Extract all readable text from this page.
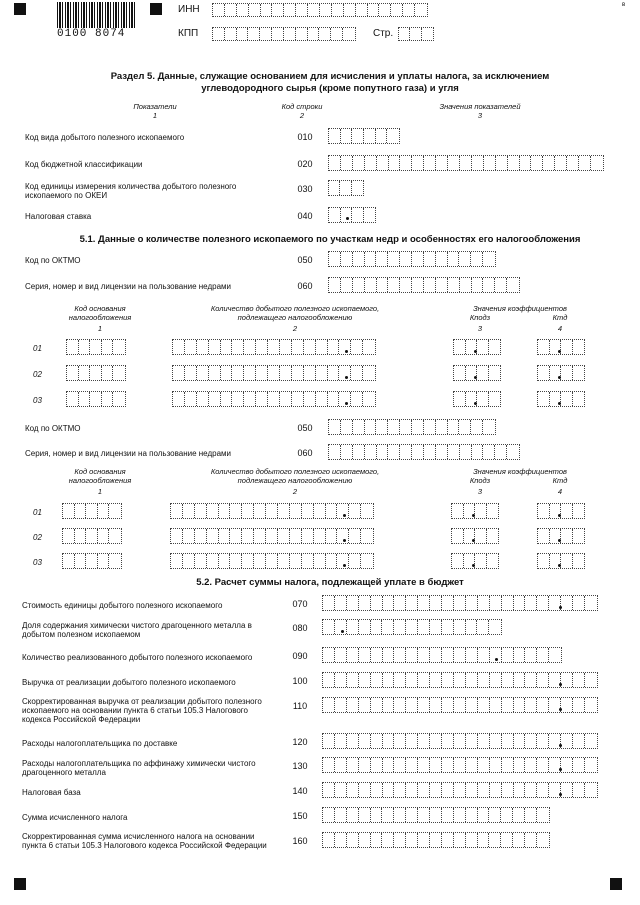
в
0100 8074
ИНН
КПП	Стр.
Раздел 5. Данные, служащие основанием для исчисления и уплаты налога, за исключением
углеводородного сырья (кроме попутного газа) и угля
Показатели
1
Код строки
2
Значения показателей
3
Код вида добытого полезного ископаемого	010
Код бюджетной классификации	020
Код единицы измерения количества добытого полезного ископаемого по ОКЕИ
030
Налоговая ставка	040
5.1. Данные о количестве полезного ископаемого по участкам недр и особенностях его налогообложения
Код по ОКТМО	050
Серия, номер и вид лицензии на пользование недрами	060
Код основания налогообложения
1
Количество добытого полезного ископаемого, подлежащего налогообложению
2
Значения коэффициентов
Кподз	Ктд
3	4
01
02
03
Код по ОКТМО	050
Серия, номер и вид лицензии на пользование недрами	060
Код основания налогообложения
1
Количество добытого полезного ископаемого, подлежащего налогообложению
2
Значения коэффициентов
Кподз	Ктд
3	4
01
02
03
5.2. Расчет суммы налога, подлежащей уплате в бюджет
Стоимость единицы добытого полезного ископаемого	070
Доля содержания химически чистого драгоценного металла в добытом полезном ископаемом
080
Количество реализованного добытого полезного ископаемого	090
Выручка от реализации добытого полезного ископаемого	100
Скорректированная выручка от реализации добытого полезного ископаемого на основании пункта 6 статьи 105.3 Налогового кодекса Российской Федерации
110
Расходы налогоплательщика по доставке	120
Расходы налогоплательщика по аффинажу химически чистого драгоценного металла
130
Налоговая база	140
Сумма исчисленного налога	150
Скорректированная сумма исчисленного налога на основании пункта 6 статьи 105.3 Налогового кодекса Российской Федерации	160
